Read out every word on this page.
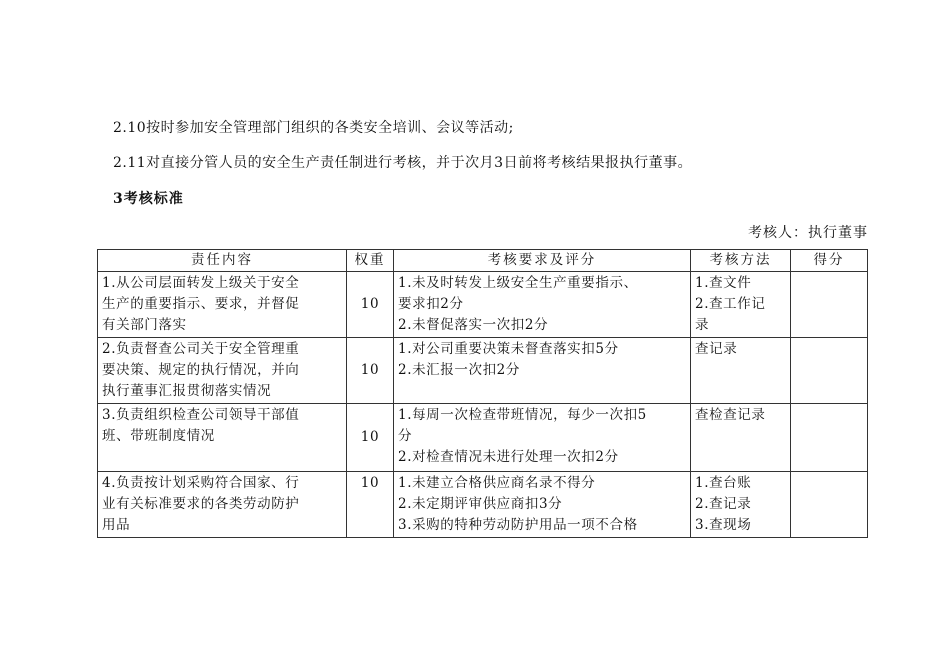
2.10按时参加安全管理部门组织的各类安全培训、会议等活动;
2.11对直接分管人员的安全生产责任制进行考核，并于次月3日前将考核结果报执行董事。
3考核标准
考核人：执行董事
责任内容	权重	考核要求及评分	考核方法	得分

1.从公司层面转发上级关于安全
生产的重要指示、要求，并督促
有关部门落实	10	1.未及时转发上级安全生产重要指示、
要求扣2分
2.未督促落实一次扣2分	1.查文件
2.查工作记
录	

2.负责督查公司关于安全管理重
要决策、规定的执行情况，并向
执行董事汇报贯彻落实情况	10	1.对公司重要决策未督查落实扣5分
2.未汇报一次扣2分	查记录	

3.负责组织检查公司领导干部值
班、带班制度情况	10	1.每周一次检查带班情况，每少一次扣5
分
2.对检查情况未进行处理一次扣2分	查检查记录	

4.负责按计划采购符合国家、行
业有关标准要求的各类劳动防护
用品	10	1.未建立合格供应商名录不得分
2.未定期评审供应商扣3分
3.采购的特种劳动防护用品一项不合格	1.查台账
2.查记录
3.查现场	
